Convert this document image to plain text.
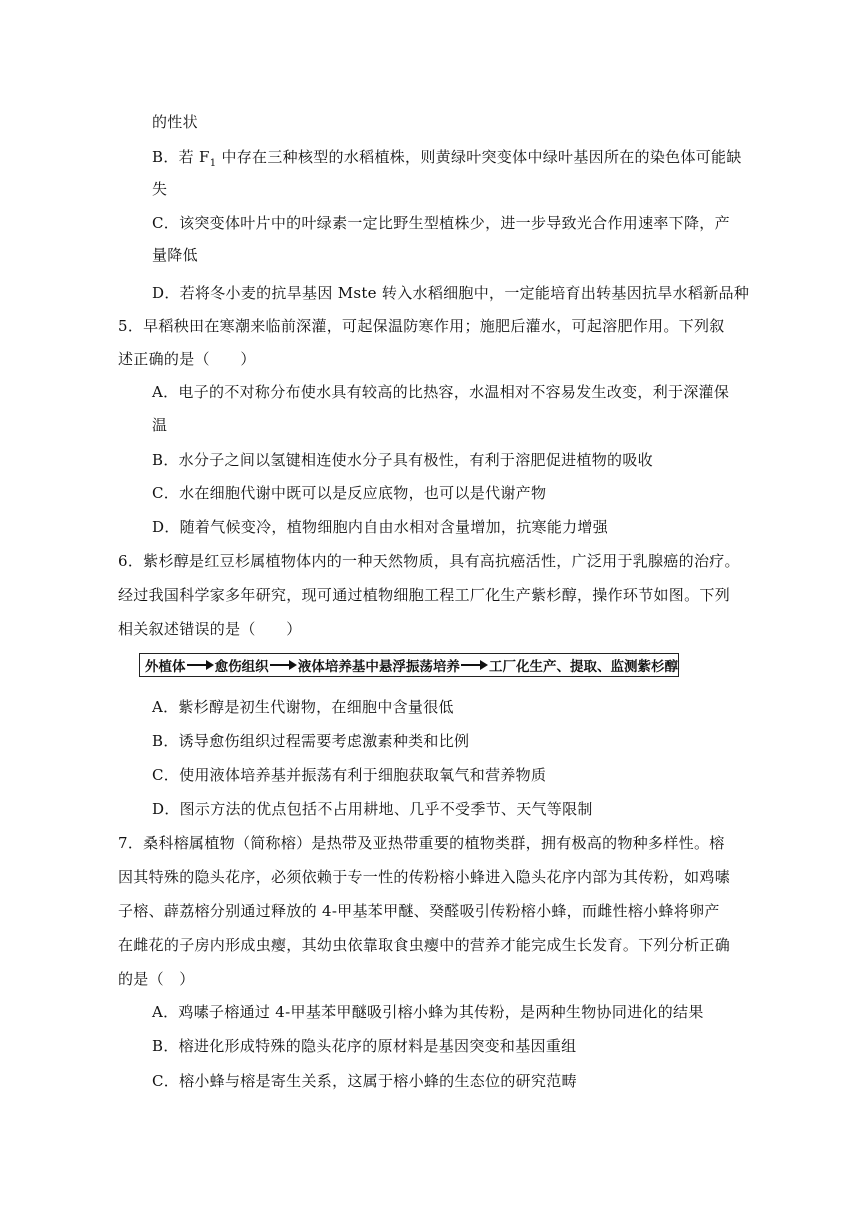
的性状
B．若 $F_1$ 中存在三种核型的水稻植株，则黄绿叶突变体中绿叶基因所在的染色体可能缺
失
C．该突变体叶片中的叶绿素一定比野生型植株少，进一步导致光合作用速率下降，产
量降低
D．若将冬小麦的抗旱基因 Mste 转入水稻细胞中，一定能培育出转基因抗旱水稻新品种
5．早稻秧田在寒潮来临前深灌，可起保温防寒作用；施肥后灌水，可起溶肥作用。下列叙
述正确的是（　　）
A．电子的不对称分布使水具有较高的比热容，水温相对不容易发生改变，利于深灌保
温
B．水分子之间以氢键相连使水分子具有极性，有利于溶肥促进植物的吸收
C．水在细胞代谢中既可以是反应底物，也可以是代谢产物
D．随着气候变冷，植物细胞内自由水相对含量增加，抗寒能力增强
6．紫杉醇是红豆杉属植物体内的一种天然物质，具有高抗癌活性，广泛用于乳腺癌的治疗。
经过我国科学家多年研究，现可通过植物细胞工程工厂化生产紫杉醇，操作环节如图。下列
相关叙述错误的是（　　）
外植体 愈伤组织 液体培养基中悬浮振荡培养 工厂化生产、提取、监测紫杉醇
A．紫杉醇是初生代谢物，在细胞中含量很低
B．诱导愈伤组织过程需要考虑激素种类和比例
C．使用液体培养基并振荡有利于细胞获取氧气和营养物质
D．图示方法的优点包括不占用耕地、几乎不受季节、天气等限制
7．桑科榕属植物（简称榕）是热带及亚热带重要的植物类群，拥有极高的物种多样性。榕
因其特殊的隐头花序，必须依赖于专一性的传粉榕小蜂进入隐头花序内部为其传粉，如鸡嗉
子榕、薜荔榕分别通过释放的 4-甲基苯甲醚、癸醛吸引传粉榕小蜂，而雌性榕小蜂将卵产
在雌花的子房内形成虫瘿，其幼虫依靠取食虫瘿中的营养才能完成生长发育。下列分析正确
的是（　）
A．鸡嗉子榕通过 4-甲基苯甲醚吸引榕小蜂为其传粉，是两种生物协同进化的结果
B．榕进化形成特殊的隐头花序的原材料是基因突变和基因重组
C．榕小蜂与榕是寄生关系，这属于榕小蜂的生态位的研究范畴
